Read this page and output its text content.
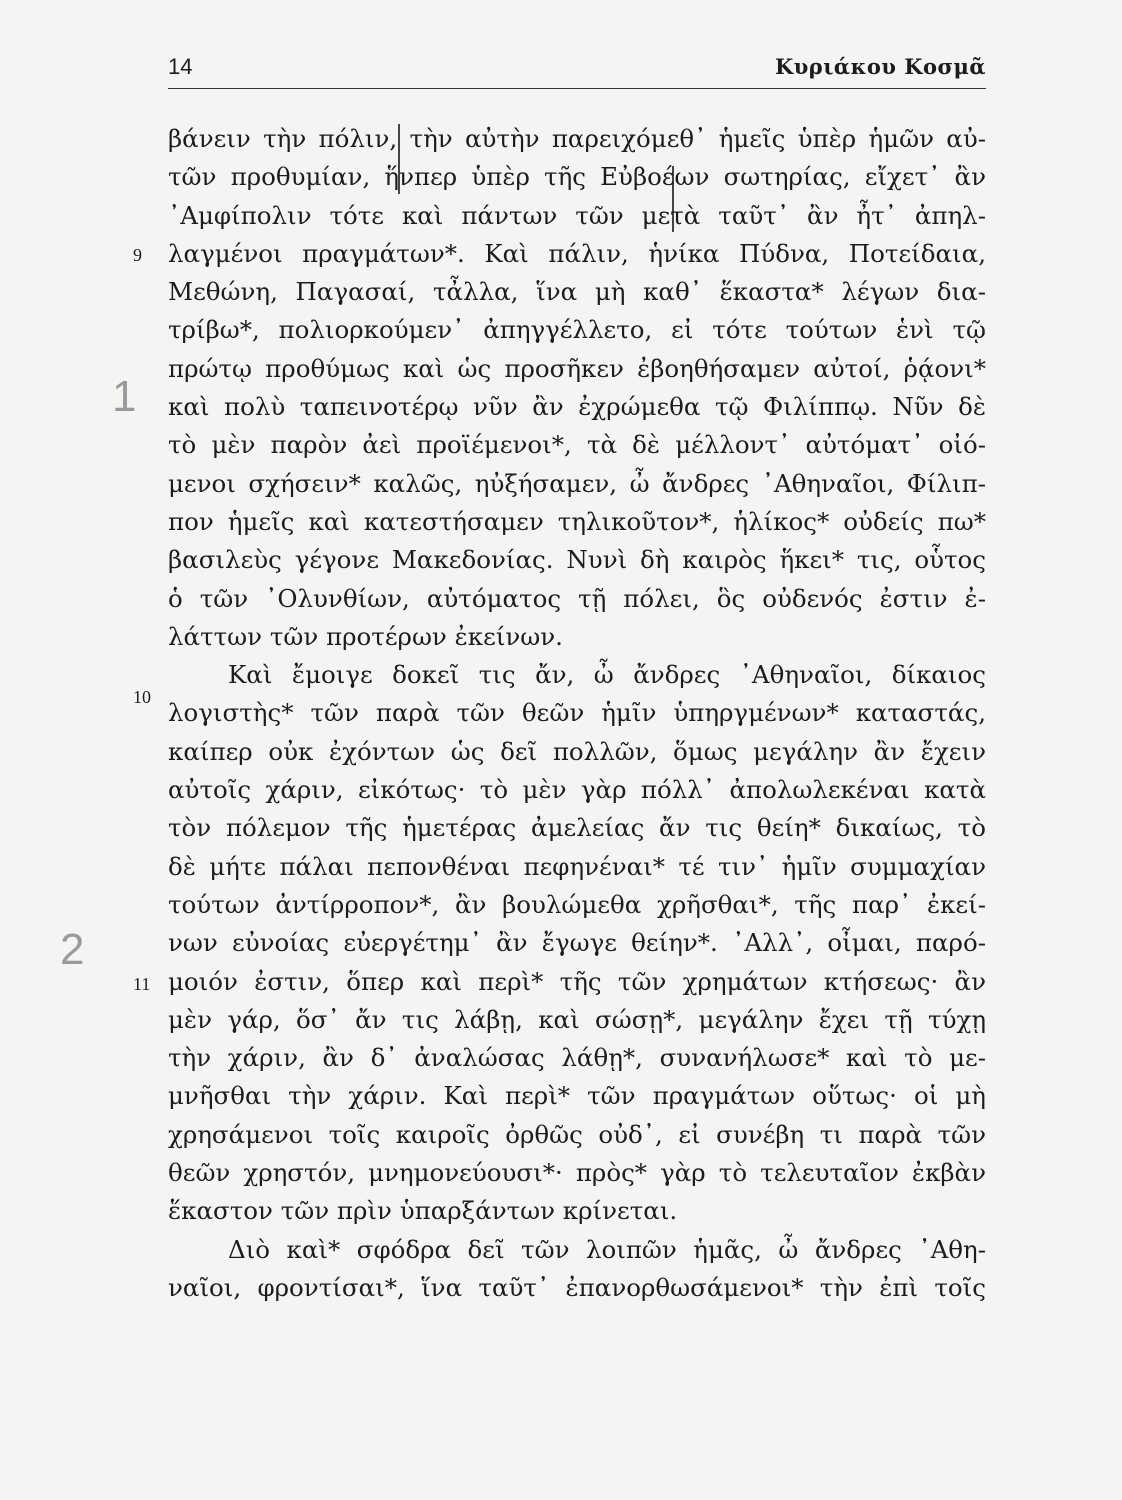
14	Κυριάκου Κοσμᾶ
9
10
11
1
2
βάνειν τὴν πόλιν, τὴν αὐτὴν παρειχόμεθ᾽ ἡμεῖς ὑπὲρ ἡμῶν αὐ-
τῶν προθυμίαν, ἥνπερ ὑπὲρ τῆς Εὐβοέων σωτηρίας, εἴχετ᾽ ἂν
᾽Αμφίπολιν τότε καὶ πάντων τῶν μετὰ ταῦτ᾽ ἂν ἦτ᾽ ἀπηλ-
λαγμένοι πραγμάτων*. Καὶ πάλιν, ἡνίκα Πύδνα, Ποτείδαια,
Μεθώνη, Παγασαί, τἆλλα, ἵνα μὴ καθ᾽ ἕκαστα* λέγων δια-
τρίβω*, πολιορκούμεν᾽ ἀπηγγέλλετο, εἰ τότε τούτων ἑνὶ τῷ
πρώτῳ προθύμως καὶ ὡς προσῆκεν ἐβοηθήσαμεν αὐτοί, ῥᾴονι*
καὶ πολὺ ταπεινοτέρῳ νῦν ἂν ἐχρώμεθα τῷ Φιλίππῳ. Νῦν δὲ
τὸ μὲν παρὸν ἀεὶ προϊέμενοι*, τὰ δὲ μέλλοντ᾽ αὐτόματ᾽ οἰό-
μενοι σχήσειν* καλῶς, ηὐξήσαμεν, ὦ ἄνδρες ᾽Αθηναῖοι, Φίλιπ-
πον ἡμεῖς καὶ κατεστήσαμεν τηλικοῦτον*, ἡλίκος* οὐδείς πω*
βασιλεὺς γέγονε Μακεδονίας. Νυνὶ δὴ καιρὸς ἥκει* τις, οὗτος
ὁ τῶν ᾽Ολυνθίων, αὐτόματος τῇ πόλει, ὃς οὐδενός ἐστιν ἐ-
λάττων τῶν προτέρων ἐκείνων.
Καὶ ἔμοιγε δοκεῖ τις ἄν, ὦ ἄνδρες ᾽Αθηναῖοι, δίκαιος
λογιστὴς* τῶν παρὰ τῶν θεῶν ἡμῖν ὑπηργμένων* καταστάς,
καίπερ οὐκ ἐχόντων ὡς δεῖ πολλῶν, ὅμως μεγάλην ἂν ἔχειν
αὐτοῖς χάριν, εἰκότως· τὸ μὲν γὰρ πόλλ᾽ ἀπολωλεκέναι κατὰ
τὸν πόλεμον τῆς ἡμετέρας ἀμελείας ἄν τις θείη* δικαίως, τὸ
δὲ μήτε πάλαι πεπονθέναι πεφηνέναι* τέ τιν᾽ ἡμῖν συμμαχίαν
τούτων ἀντίρροπον*, ἂν βουλώμεθα χρῆσθαι*, τῆς παρ᾽ ἐκεί-
νων εὐνοίας εὐεργέτημ᾽ ἂν ἔγωγε θείην*. ᾽Αλλ᾽, οἶμαι, παρό-
μοιόν ἐστιν, ὅπερ καὶ περὶ* τῆς τῶν χρημάτων κτήσεως· ἂν
μὲν γάρ, ὅσ᾽ ἄν τις λάβῃ, καὶ σώσῃ*, μεγάλην ἔχει τῇ τύχῃ
τὴν χάριν, ἂν δ᾽ ἀναλώσας λάθῃ*, συνανήλωσε* καὶ τὸ με-
μνῆσθαι τὴν χάριν. Καὶ περὶ* τῶν πραγμάτων οὕτως· οἱ μὴ
χρησάμενοι τοῖς καιροῖς ὀρθῶς οὐδ᾽, εἰ συνέβη τι παρὰ τῶν
θεῶν χρηστόν, μνημονεύουσι*· πρὸς* γὰρ τὸ τελευταῖον ἐκβὰν
ἕκαστον τῶν πρὶν ὑπαρξάντων κρίνεται.
Διὸ καὶ* σφόδρα δεῖ τῶν λοιπῶν ἡμᾶς, ὦ ἄνδρες ᾽Αθη-
ναῖοι, φροντίσαι*, ἵνα ταῦτ᾽ ἐπανορθωσάμενοι* τὴν ἐπὶ τοῖς
